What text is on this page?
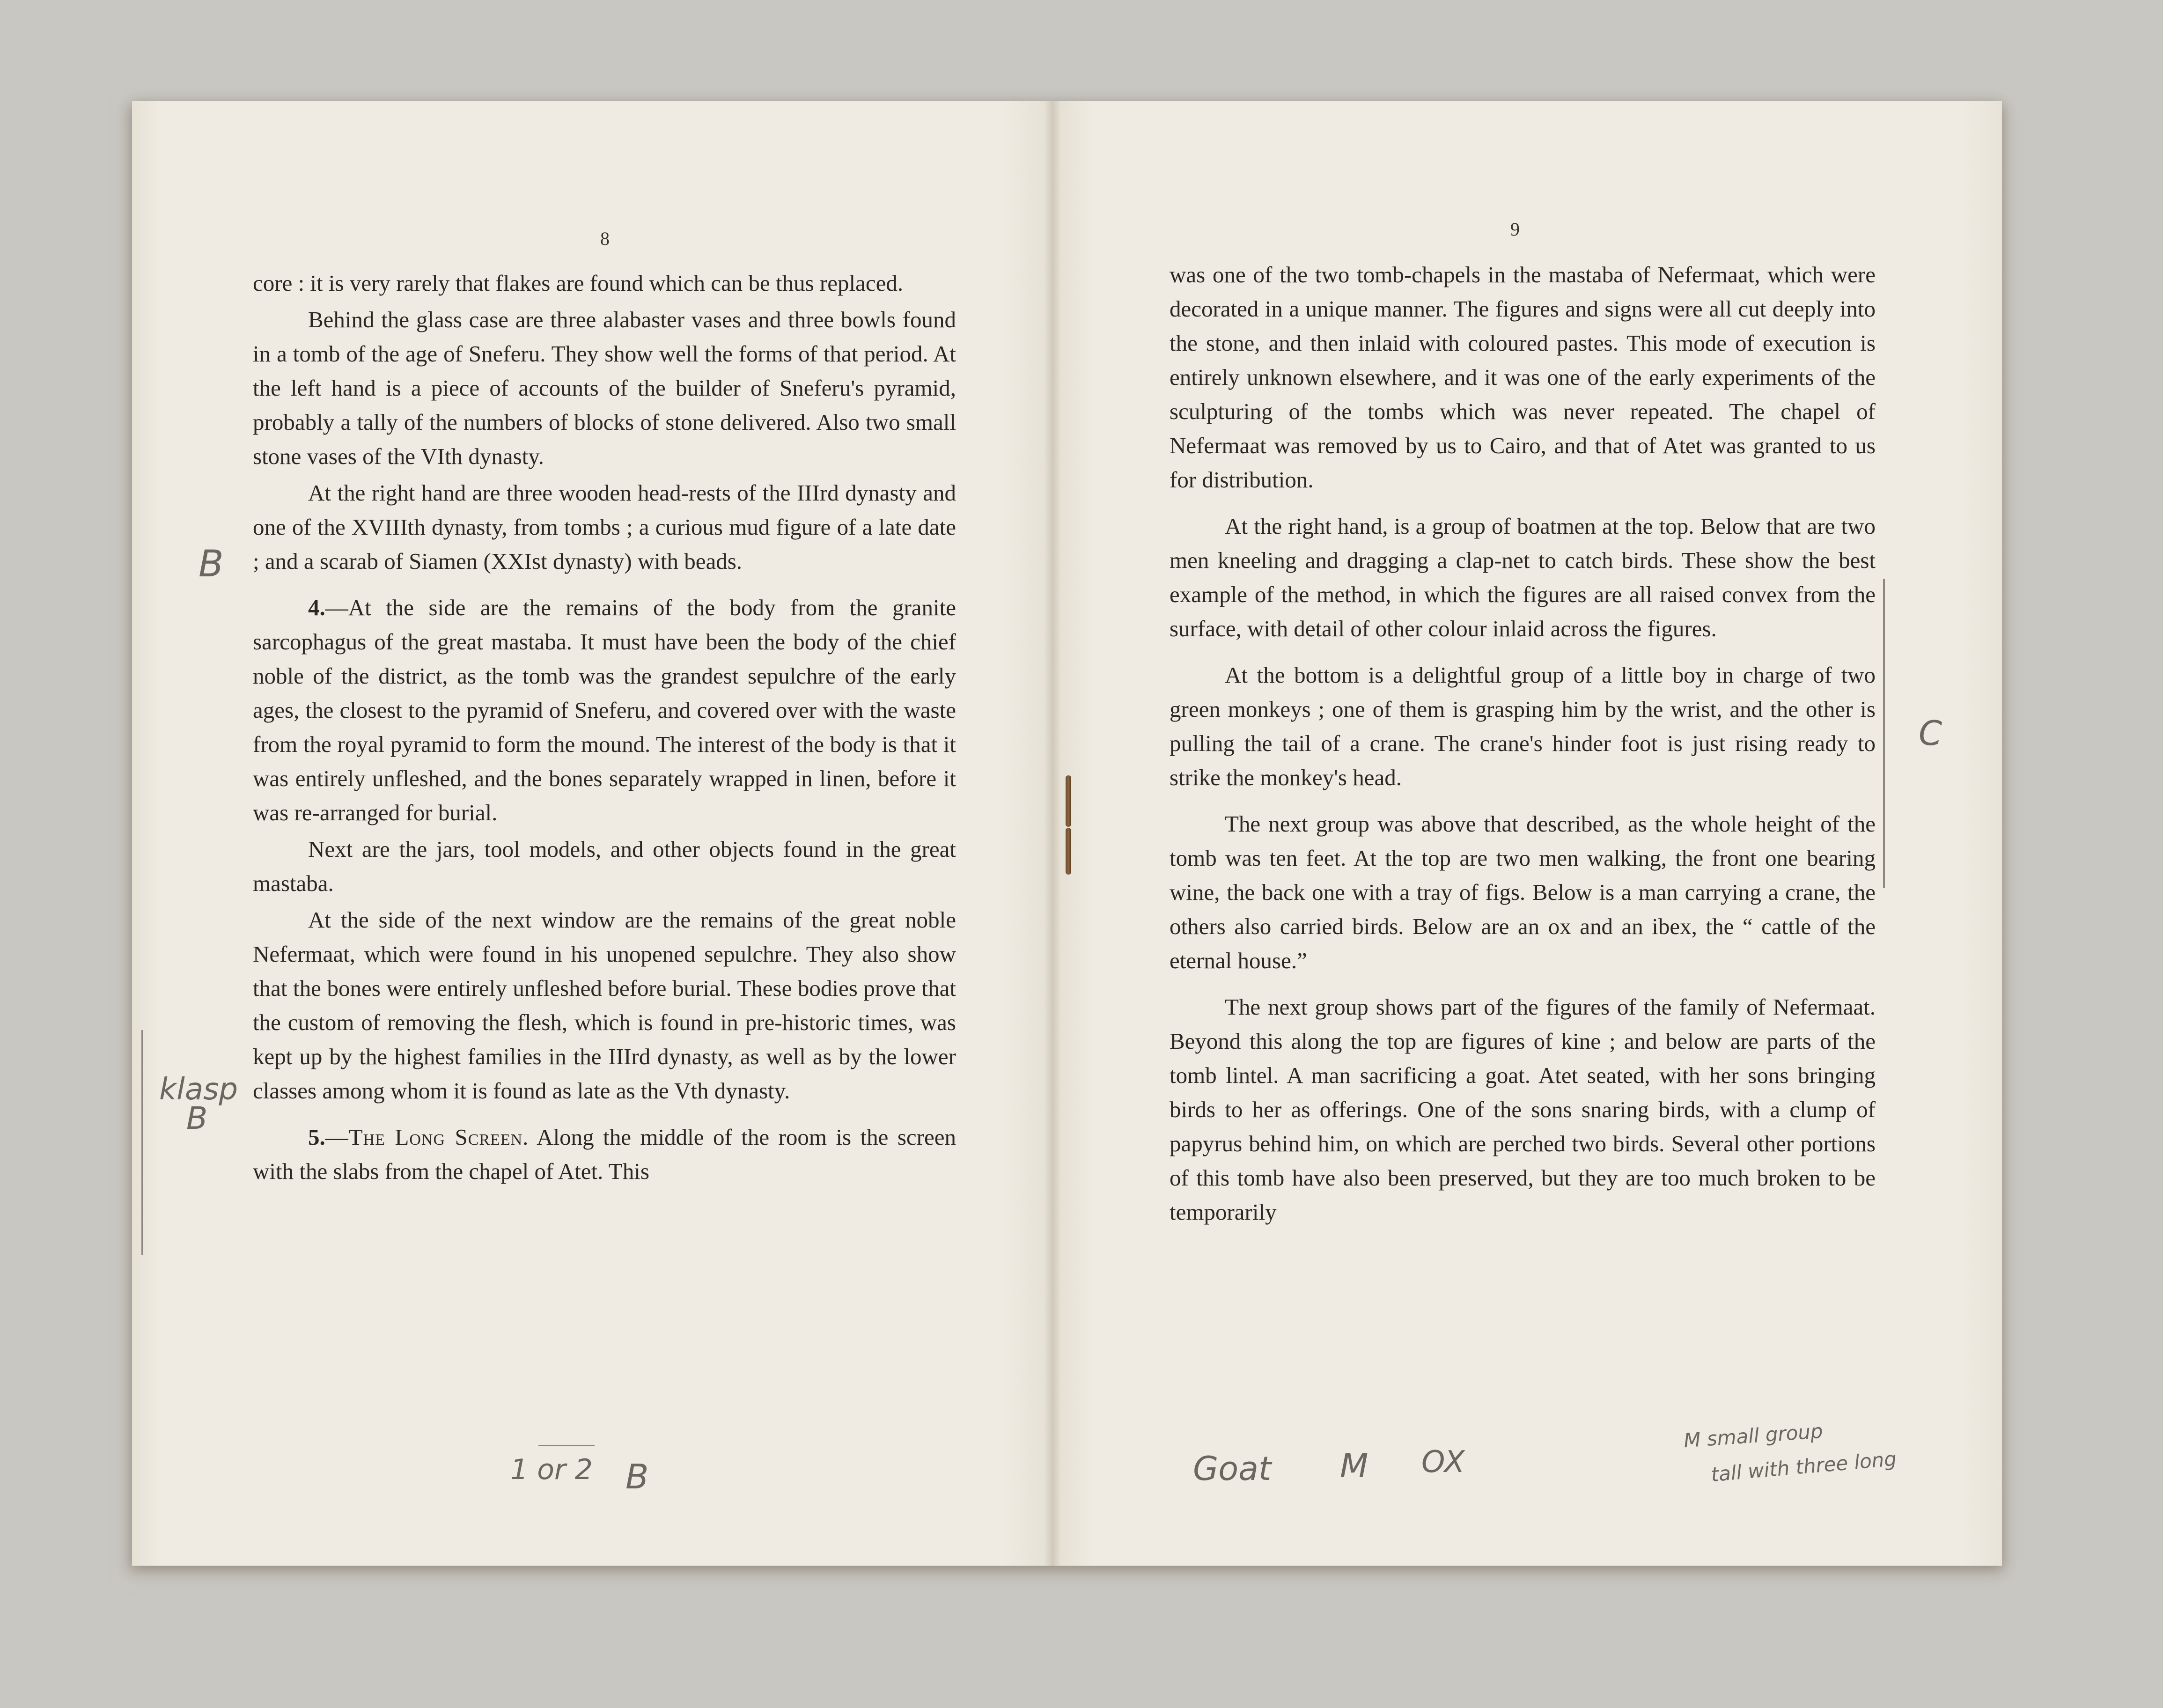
8

core : it is very rarely that flakes are found which can be thus replaced.

Behind the glass case are three alabaster vases and three bowls found in a tomb of the age of Sneferu. They show well the forms of that period. At the left hand is a piece of accounts of the builder of Sneferu's pyramid, probably a tally of the numbers of blocks of stone delivered. Also two small stone vases of the VIth dynasty.

At the right hand are three wooden head-rests of the IIIrd dynasty and one of the XVIIIth dynasty, from tombs ; a curious mud figure of a late date ; and a scarab of Siamen (XXIst dynasty) with beads.

4.—At the side are the remains of the body from the granite sarcophagus of the great mastaba. It must have been the body of the chief noble of the district, as the tomb was the grandest sepulchre of the early ages, the closest to the pyramid of Sneferu, and covered over with the waste from the royal pyramid to form the mound. The interest of the body is that it was entirely unfleshed, and the bones separately wrapped in linen, before it was re-arranged for burial.

Next are the jars, tool models, and other objects found in the great mastaba.

At the side of the next window are the remains of the great noble Nefermaat, which were found in his unopened sepulchre. They also show that the bones were entirely unfleshed before burial. These bodies prove that the custom of removing the flesh, which is found in pre-historic times, was kept up by the highest families in the IIIrd dynasty, as well as by the lower classes among whom it is found as late as the Vth dynasty.

5.—The Long Screen. Along the middle of the room is the screen with the slabs from the chapel of Atet. This

9

was one of the two tomb-chapels in the mastaba of Nefermaat, which were decorated in a unique manner. The figures and signs were all cut deeply into the stone, and then inlaid with coloured pastes. This mode of execution is entirely unknown elsewhere, and it was one of the early experiments of the sculpturing of the tombs which was never repeated. The chapel of Nefermaat was removed by us to Cairo, and that of Atet was granted to us for distribution.

At the right hand, is a group of boatmen at the top. Below that are two men kneeling and dragging a clap-net to catch birds. These show the best example of the method, in which the figures are all raised convex from the surface, with detail of other colour inlaid across the figures.

At the bottom is a delightful group of a little boy in charge of two green monkeys ; one of them is grasping him by the wrist, and the other is pulling the tail of a crane. The crane's hinder foot is just rising ready to strike the monkey's head.

The next group was above that described, as the whole height of the tomb was ten feet. At the top are two men walking, the front one bearing wine, the back one with a tray of figs. Below is a man carrying a crane, the others also carried birds. Below are an ox and an ibex, the “ cattle of the eternal house.”

The next group shows part of the figures of the family of Nefermaat. Beyond this along the top are figures of kine ; and below are parts of the tomb lintel. A man sacrificing a goat. Atet seated, with her sons bringing birds to her as offerings. One of the sons snaring birds, with a clump of papyrus behind him, on which are perched two birds. Several other portions of this tomb have also been preserved, but they are too much broken to be temporarily

B
klasp
B
1 or 2 B
C
Goat M OX
M small group
tall with three long
